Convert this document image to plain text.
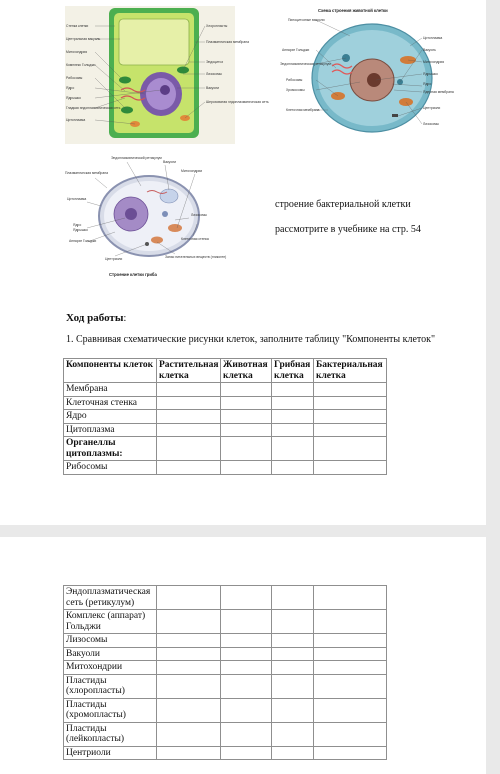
Стенка клетки
Центральная вакуоль
Митохондрия
Комплекс Гольджи
Рибосомы
Ядро
Ядрышко
Гладкая эндоплазматическая сеть
Цитоплазма
Хлоропласты
Плазматическая мембрана
Эндоцитоз
Лизосомы
Вакуоли
Шероховатая эндоплазматическая сеть
Схема строения животной клетки
Пиноцитозные вакуоли
Аппарат Гольджи
Эндоплазматическая ретикулум
Рибосомы
Хромосомы
Клеточная мембрана
Цитоплазма
Вакуоль
Митохондрия
Ядрышко
Ядро
Ядерная мембрана
Центриоли
Лизосомы
Эндоплазматический ретикулум
Вакуоли
Плазматическая мембрана	Митохондрии
Цитоплазма
Лизосомы
Ядро
Ядрышко
Аппарат Гольджи	Клеточная стенка
Центриоли	Запас питательных веществ (гликоген)
Строение клетки гриба
строение бактериальной клетки
рассмотрите в учебнике на стр. 54
Ход работы:
1. Сравнивая схематические рисунки клеток, заполните таблицу "Компоненты клеток"
Компоненты клеток	Растительная клетка	Животная клетка	Грибная клетка	Бактериальная клетка
Мембрана				
Клеточная стенка				
Ядро				
Цитоплазма				
Органеллы цитоплазмы:				
Рибосомы				
Эндоплазматическая сеть (ретикулум)				
Комплекс (аппарат) Гольджи				
Лизосомы				
Вакуоли				
Митохондрии				
Пластиды (хлоропласты)				
Пластиды (хромопласты)				
Пластиды (лейкопласты)				
Центриоли				
